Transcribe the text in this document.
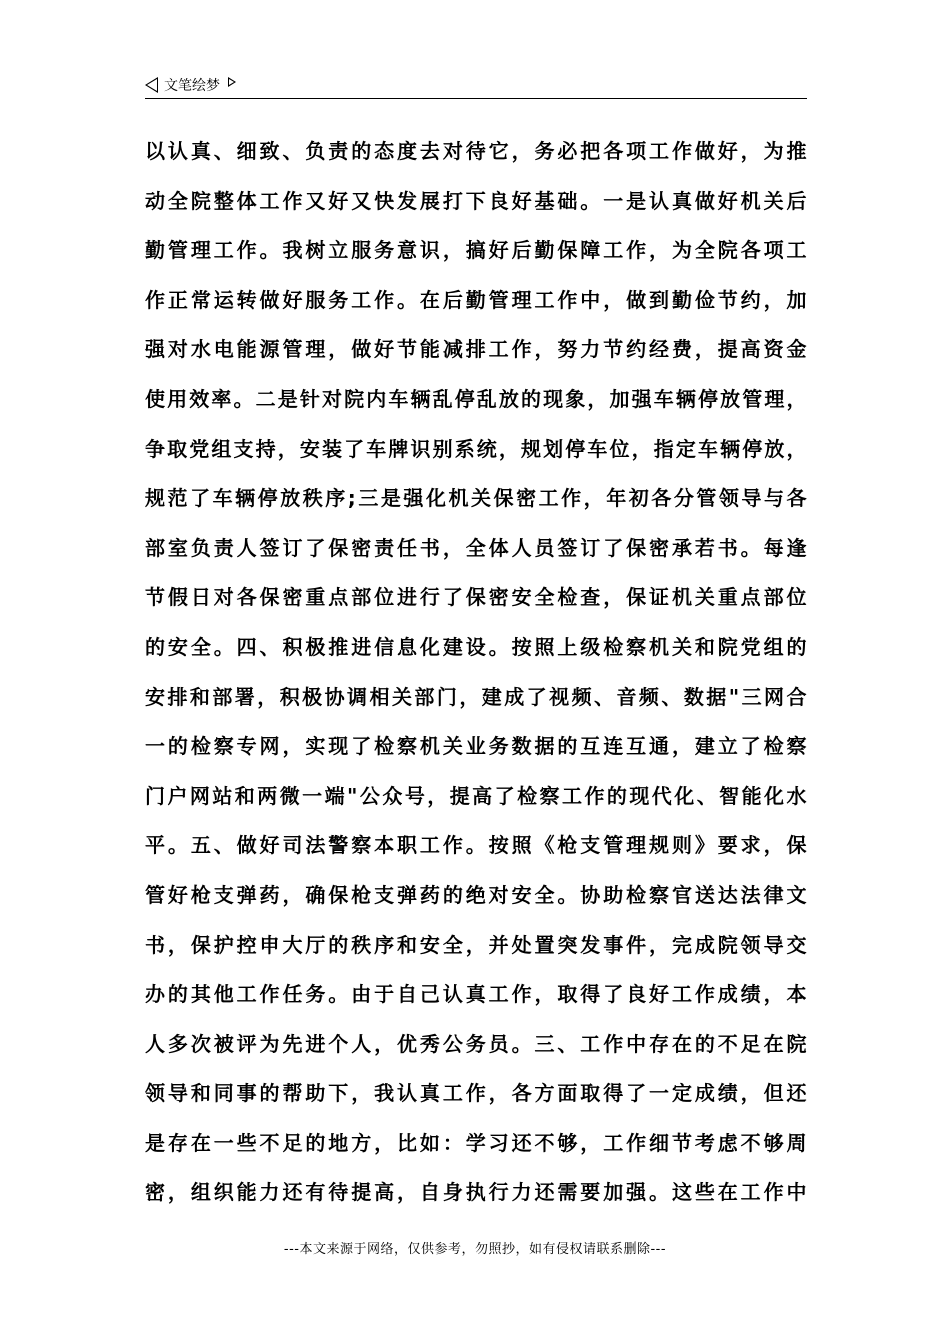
文笔绘梦
以认真、细致、负责的态度去对待它，务必把各项工作做好，为推
动全院整体工作又好又快发展打下良好基础。一是认真做好机关后
勤管理工作。我树立服务意识，搞好后勤保障工作，为全院各项工
作正常运转做好服务工作。在后勤管理工作中，做到勤俭节约，加
强对水电能源管理，做好节能减排工作，努力节约经费，提高资金
使用效率。二是针对院内车辆乱停乱放的现象，加强车辆停放管理，
争取党组支持，安装了车牌识别系统，规划停车位，指定车辆停放，
规范了车辆停放秩序;三是强化机关保密工作，年初各分管领导与各
部室负责人签订了保密责任书，全体人员签订了保密承若书。每逢
节假日对各保密重点部位进行了保密安全检查，保证机关重点部位
的安全。四、积极推进信息化建设。按照上级检察机关和院党组的
安排和部署，积极协调相关部门，建成了视频、音频、数据"三网合
一的检察专网，实现了检察机关业务数据的互连互通，建立了检察
门户网站和两微一端"公众号，提高了检察工作的现代化、智能化水
平。五、做好司法警察本职工作。按照《枪支管理规则》要求，保
管好枪支弹药，确保枪支弹药的绝对安全。协助检察官送达法律文
书，保护控申大厅的秩序和安全，并处置突发事件，完成院领导交
办的其他工作任务。由于自己认真工作，取得了良好工作成绩，本
人多次被评为先进个人，优秀公务员。三、工作中存在的不足在院
领导和同事的帮助下，我认真工作，各方面取得了一定成绩，但还
是存在一些不足的地方，比如：学习还不够，工作细节考虑不够周
密，组织能力还有待提高，自身执行力还需要加强。这些在工作中
---本文来源于网络，仅供参考，勿照抄，如有侵权请联系删除---
